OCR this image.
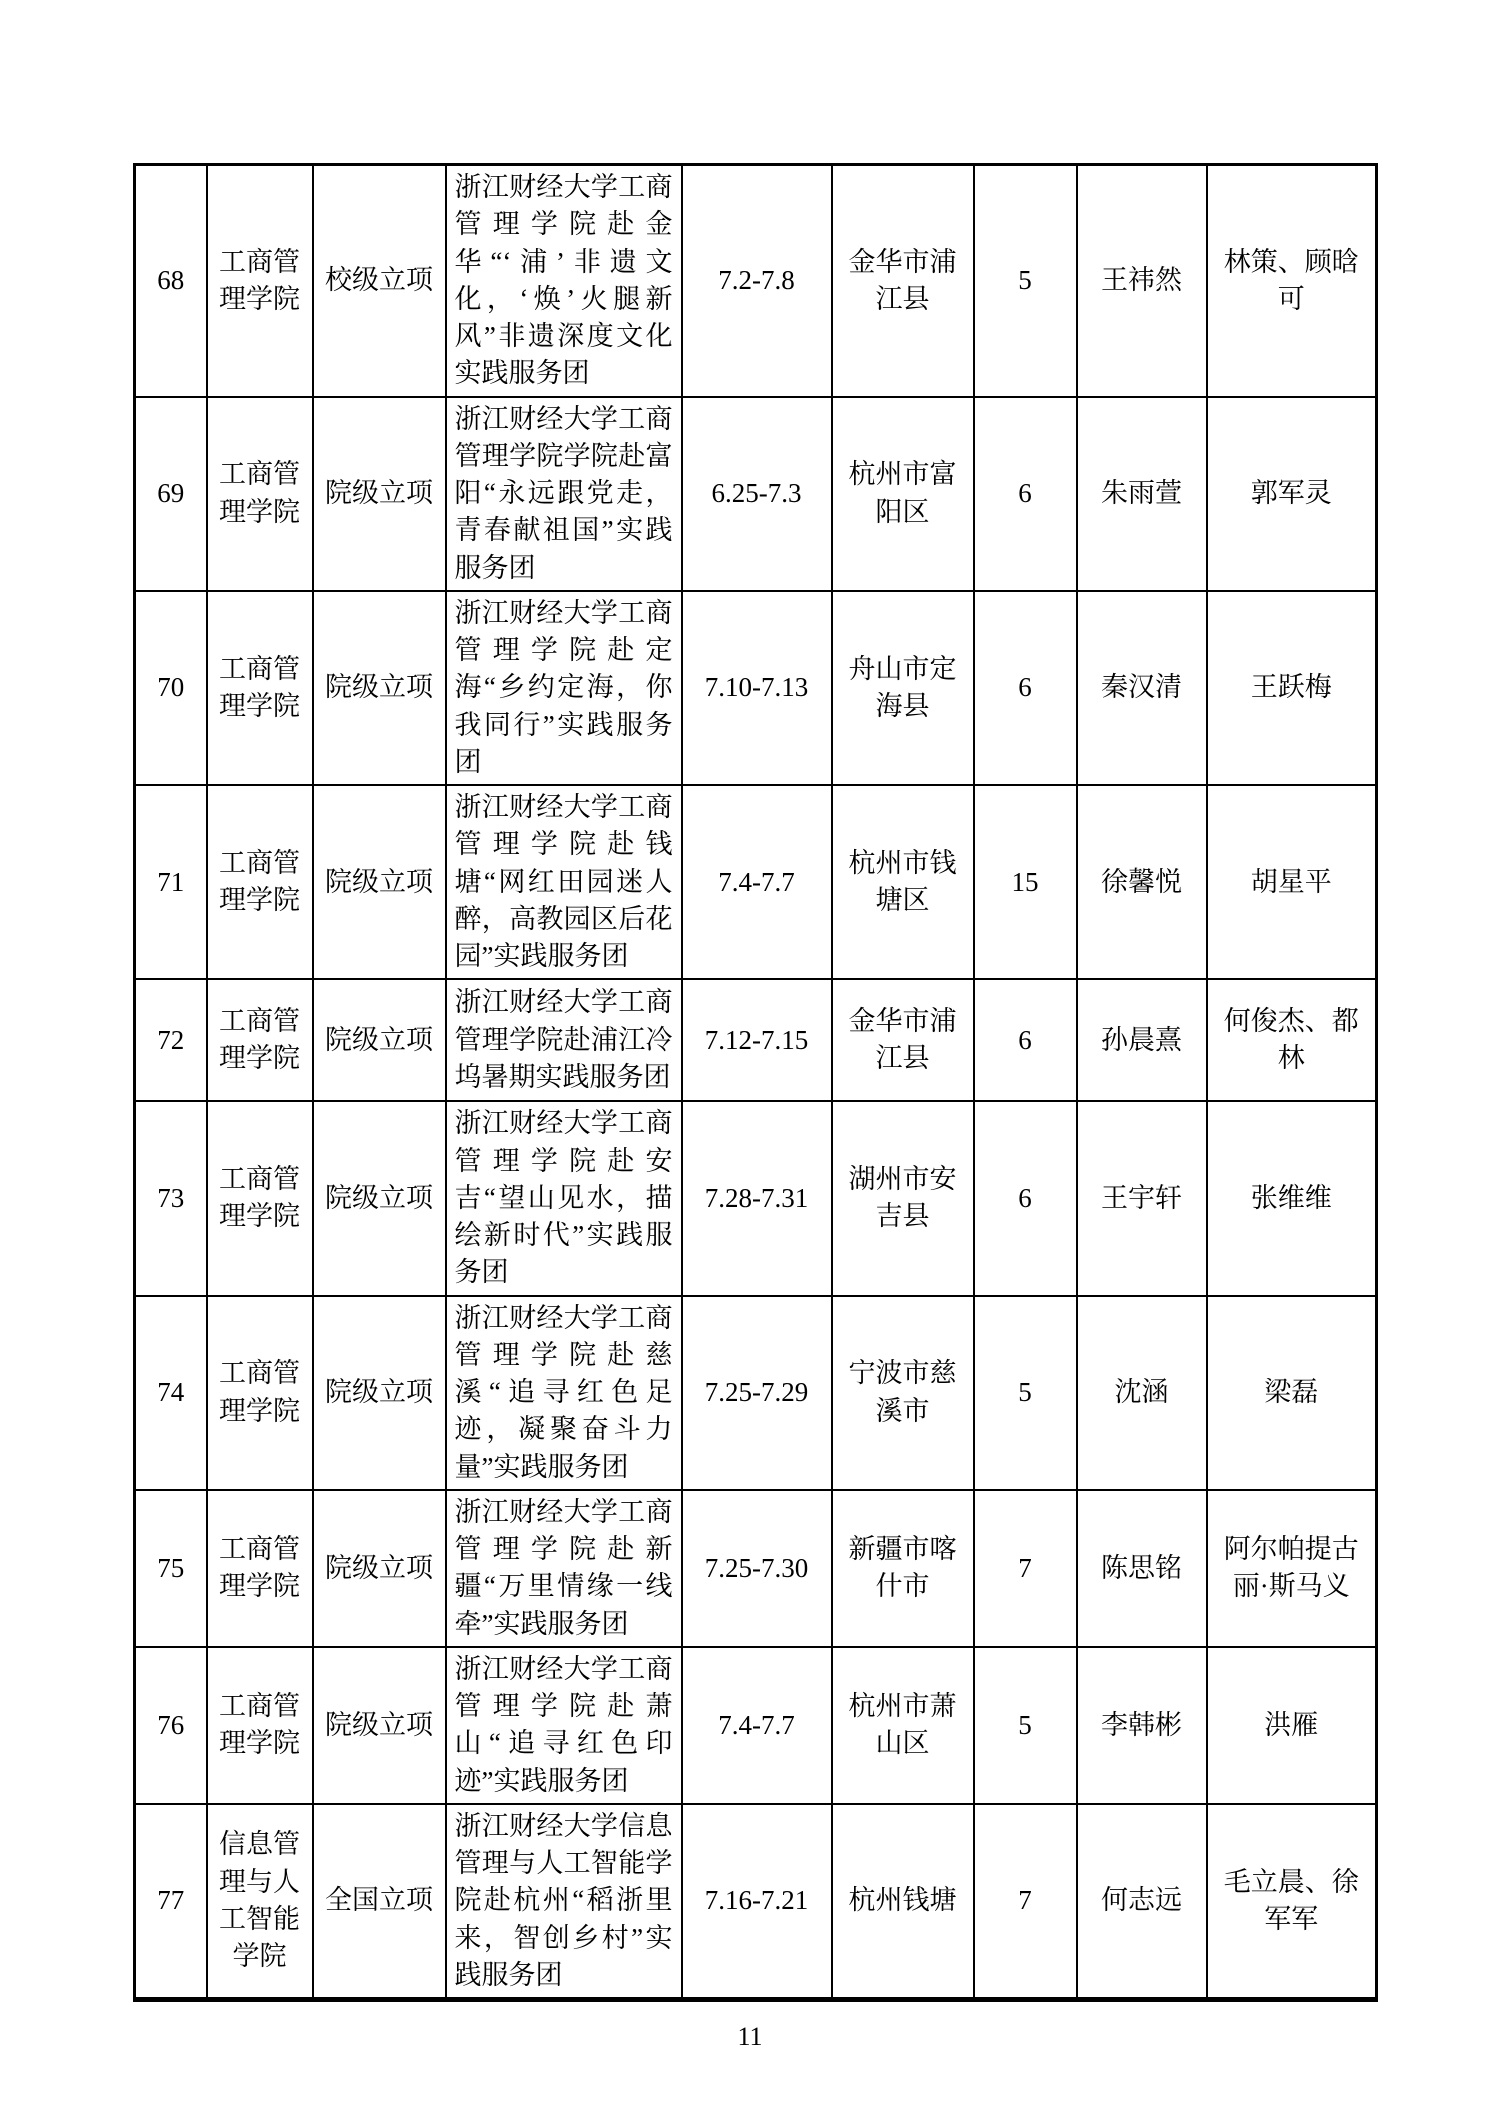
68	工商管理学院	校级立项	浙江财经大学工商管理学院赴金华“‘浦’非遗文化，‘焕’火腿新风”非遗深度文化实践服务团	7.2-7.8	金华市浦江县	5	王祎然	林策、顾晗可
69	工商管理学院	院级立项	浙江财经大学工商管理学院学院赴富阳“永远跟党走，青春献祖国”实践服务团	6.25-7.3	杭州市富阳区	6	朱雨萱	郭军灵
70	工商管理学院	院级立项	浙江财经大学工商管理学院赴定海“乡约定海，你我同行”实践服务团	7.10-7.13	舟山市定海县	6	秦汉清	王跃梅
71	工商管理学院	院级立项	浙江财经大学工商管理学院赴钱塘“网红田园迷人醉，高教园区后花园”实践服务团	7.4-7.7	杭州市钱塘区	15	徐馨悦	胡星平
72	工商管理学院	院级立项	浙江财经大学工商管理学院赴浦江冷坞暑期实践服务团	7.12-7.15	金华市浦江县	6	孙晨熹	何俊杰、都林
73	工商管理学院	院级立项	浙江财经大学工商管理学院赴安吉“望山见水，描绘新时代”实践服务团	7.28-7.31	湖州市安吉县	6	王宇轩	张维维
74	工商管理学院	院级立项	浙江财经大学工商管理学院赴慈溪“追寻红色足迹，凝聚奋斗力量”实践服务团	7.25-7.29	宁波市慈溪市	5	沈涵	梁磊
75	工商管理学院	院级立项	浙江财经大学工商管理学院赴新疆“万里情缘一线牵”实践服务团	7.25-7.30	新疆市喀什市	7	陈思铭	阿尔帕提古丽·斯马义
76	工商管理学院	院级立项	浙江财经大学工商管理学院赴萧山“追寻红色印迹”实践服务团	7.4-7.7	杭州市萧山区	5	李韩彬	洪雁
77	信息管理与人工智能学院	全国立项	浙江财经大学信息管理与人工智能学院赴杭州“稻浙里来，智创乡村”实践服务团	7.16-7.21	杭州钱塘	7	何志远	毛立晨、徐军军
11
